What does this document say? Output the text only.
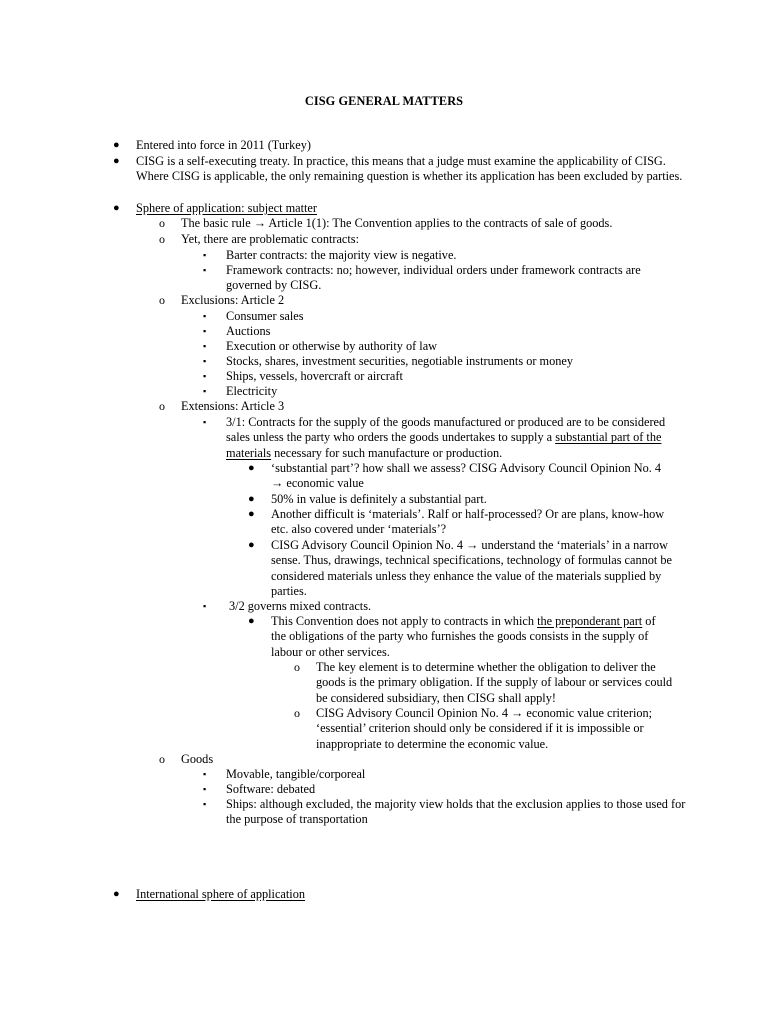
CISG GENERAL MATTERS
●	Entered into force in 2011 (Turkey)
●	CISG is a self-executing treaty. In practice, this means that a judge must examine the applicability of CISG. Where CISG is applicable, the only remaining question is whether its application has been excluded by parties.
●	Sphere of application: subject matter
o	The basic rule → Article 1(1): The Convention applies to the contracts of sale of goods.
o	Yet, there are problematic contracts:
▪	Barter contracts: the majority view is negative.
▪	Framework contracts: no; however, individual orders under framework contracts are governed by CISG.
o	Exclusions: Article 2
▪	Consumer sales
▪	Auctions
▪	Execution or otherwise by authority of law
▪	Stocks, shares, investment securities, negotiable instruments or money
▪	Ships, vessels, hovercraft or aircraft
▪	Electricity
o	Extensions: Article 3
▪	3/1: Contracts for the supply of the goods manufactured or produced are to be considered sales unless the party who orders the goods undertakes to supply a substantial part of the materials necessary for such manufacture or production.
●	‘substantial part’? how shall we assess? CISG Advisory Council Opinion No. 4 → economic value
●	50% in value is definitely a substantial part.
●	Another difficult is ‘materials’. Ralf or half-processed? Or are plans, know-how etc. also covered under ‘materials’?
●	CISG Advisory Council Opinion No. 4 → understand the ‘materials’ in a narrow sense. Thus, drawings, technical specifications, technology of formulas cannot be considered materials unless they enhance the value of the materials supplied by parties.
▪	3/2 governs mixed contracts.
●	This Convention does not apply to contracts in which the preponderant part of the obligations of the party who furnishes the goods consists in the supply of labour or other services.
o	The key element is to determine whether the obligation to deliver the goods is the primary obligation. If the supply of labour or services could be considered subsidiary, then CISG shall apply!
o	CISG Advisory Council Opinion No. 4 → economic value criterion; ‘essential’ criterion should only be considered if it is impossible or inappropriate to determine the economic value.
o	Goods
▪	Movable, tangible/corporeal
▪	Software: debated
▪	Ships: although excluded, the majority view holds that the exclusion applies to those used for the purpose of transportation
●	International sphere of application
